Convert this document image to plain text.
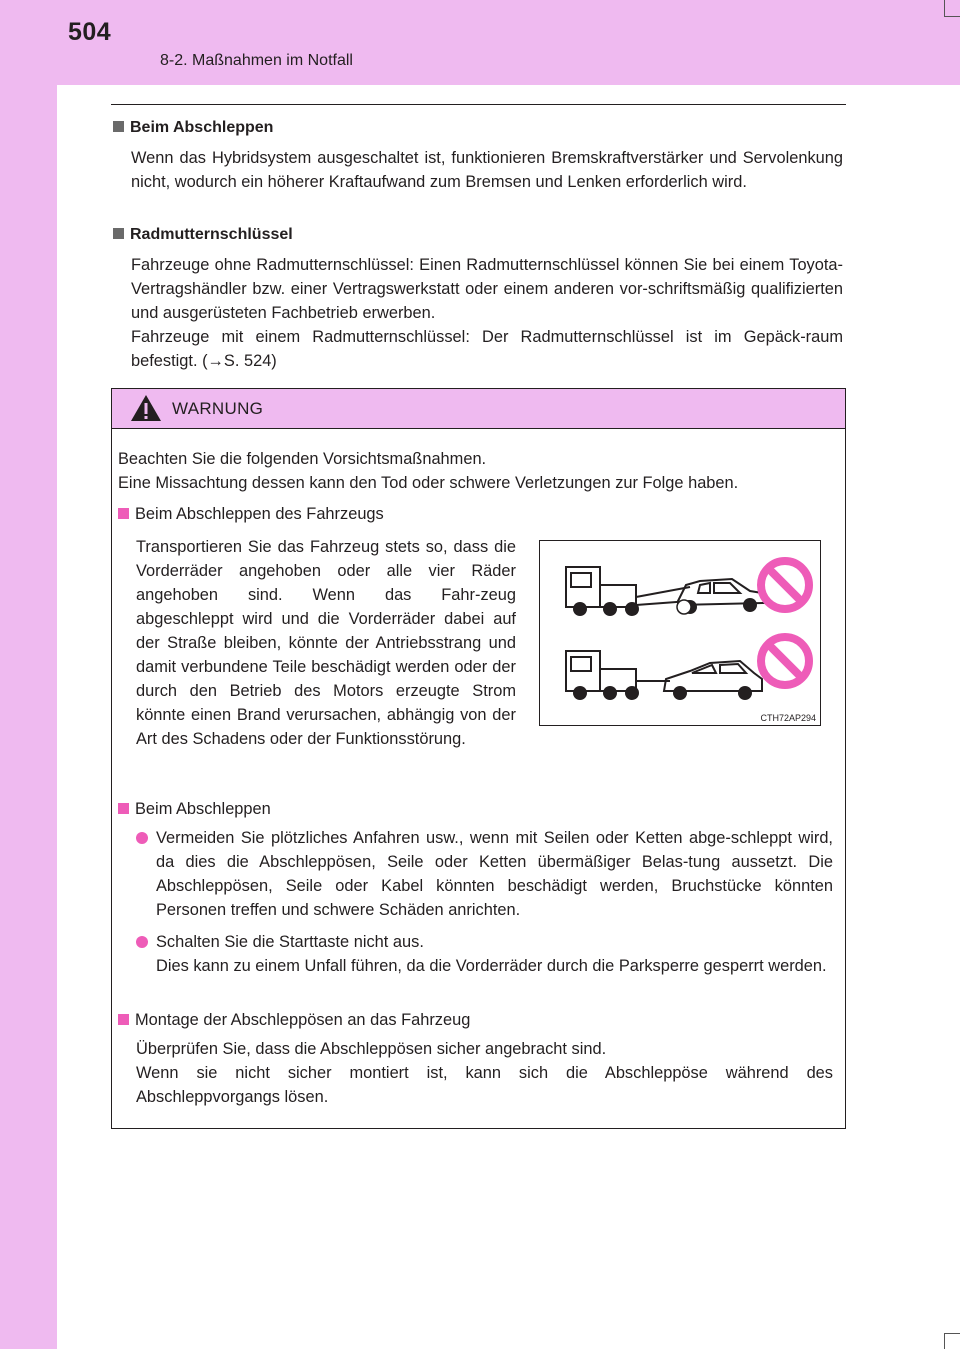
504
8-2. Maßnahmen im Notfall
Beim Abschleppen
Wenn das Hybridsystem ausgeschaltet ist, funktionieren Bremskraftverstärker und Servolenkung nicht, wodurch ein höherer Kraftaufwand zum Bremsen und Lenken erforderlich wird.
Radmutternschlüssel
Fahrzeuge ohne Radmutternschlüssel: Einen Radmutternschlüssel können Sie bei einem Toyota-Vertragshändler bzw. einer Vertragswerkstatt oder einem anderen vor-schriftsmäßig qualifizierten und ausgerüsteten Fachbetrieb erwerben.
Fahrzeuge mit einem Radmutternschlüssel: Der Radmutternschlüssel ist im Gepäck-raum befestigt. (→S. 524)
WARNUNG
Beachten Sie die folgenden Vorsichtsmaßnahmen.
Eine Missachtung dessen kann den Tod oder schwere Verletzungen zur Folge haben.
Beim Abschleppen des Fahrzeugs
Transportieren Sie das Fahrzeug stets so, dass die Vorderräder angehoben oder alle vier Räder angehoben sind. Wenn das Fahr-zeug abgeschleppt wird und die Vorderräder dabei auf der Straße bleiben, könnte der Antriebsstrang und damit verbundene Teile beschädigt werden oder der durch den Betrieb des Motors erzeugte Strom könnte einen Brand verursachen, abhängig von der Art des Schadens oder der Funktionsstörung.
Beim Abschleppen
Vermeiden Sie plötzliches Anfahren usw., wenn mit Seilen oder Ketten abge-schleppt wird, da dies die Abschleppösen, Seile oder Ketten übermäßiger Belas-tung aussetzt. Die Abschleppösen, Seile oder Kabel könnten beschädigt werden, Bruchstücke könnten Personen treffen und schwere Schäden anrichten.
Schalten Sie die Starttaste nicht aus.
Dies kann zu einem Unfall führen, da die Vorderräder durch die Parksperre gesperrt werden.
Montage der Abschleppösen an das Fahrzeug
Überprüfen Sie, dass die Abschleppösen sicher angebracht sind.
Wenn sie nicht sicher montiert ist, kann sich die Abschleppöse während des Abschleppvorgangs lösen.
CTH72AP294
